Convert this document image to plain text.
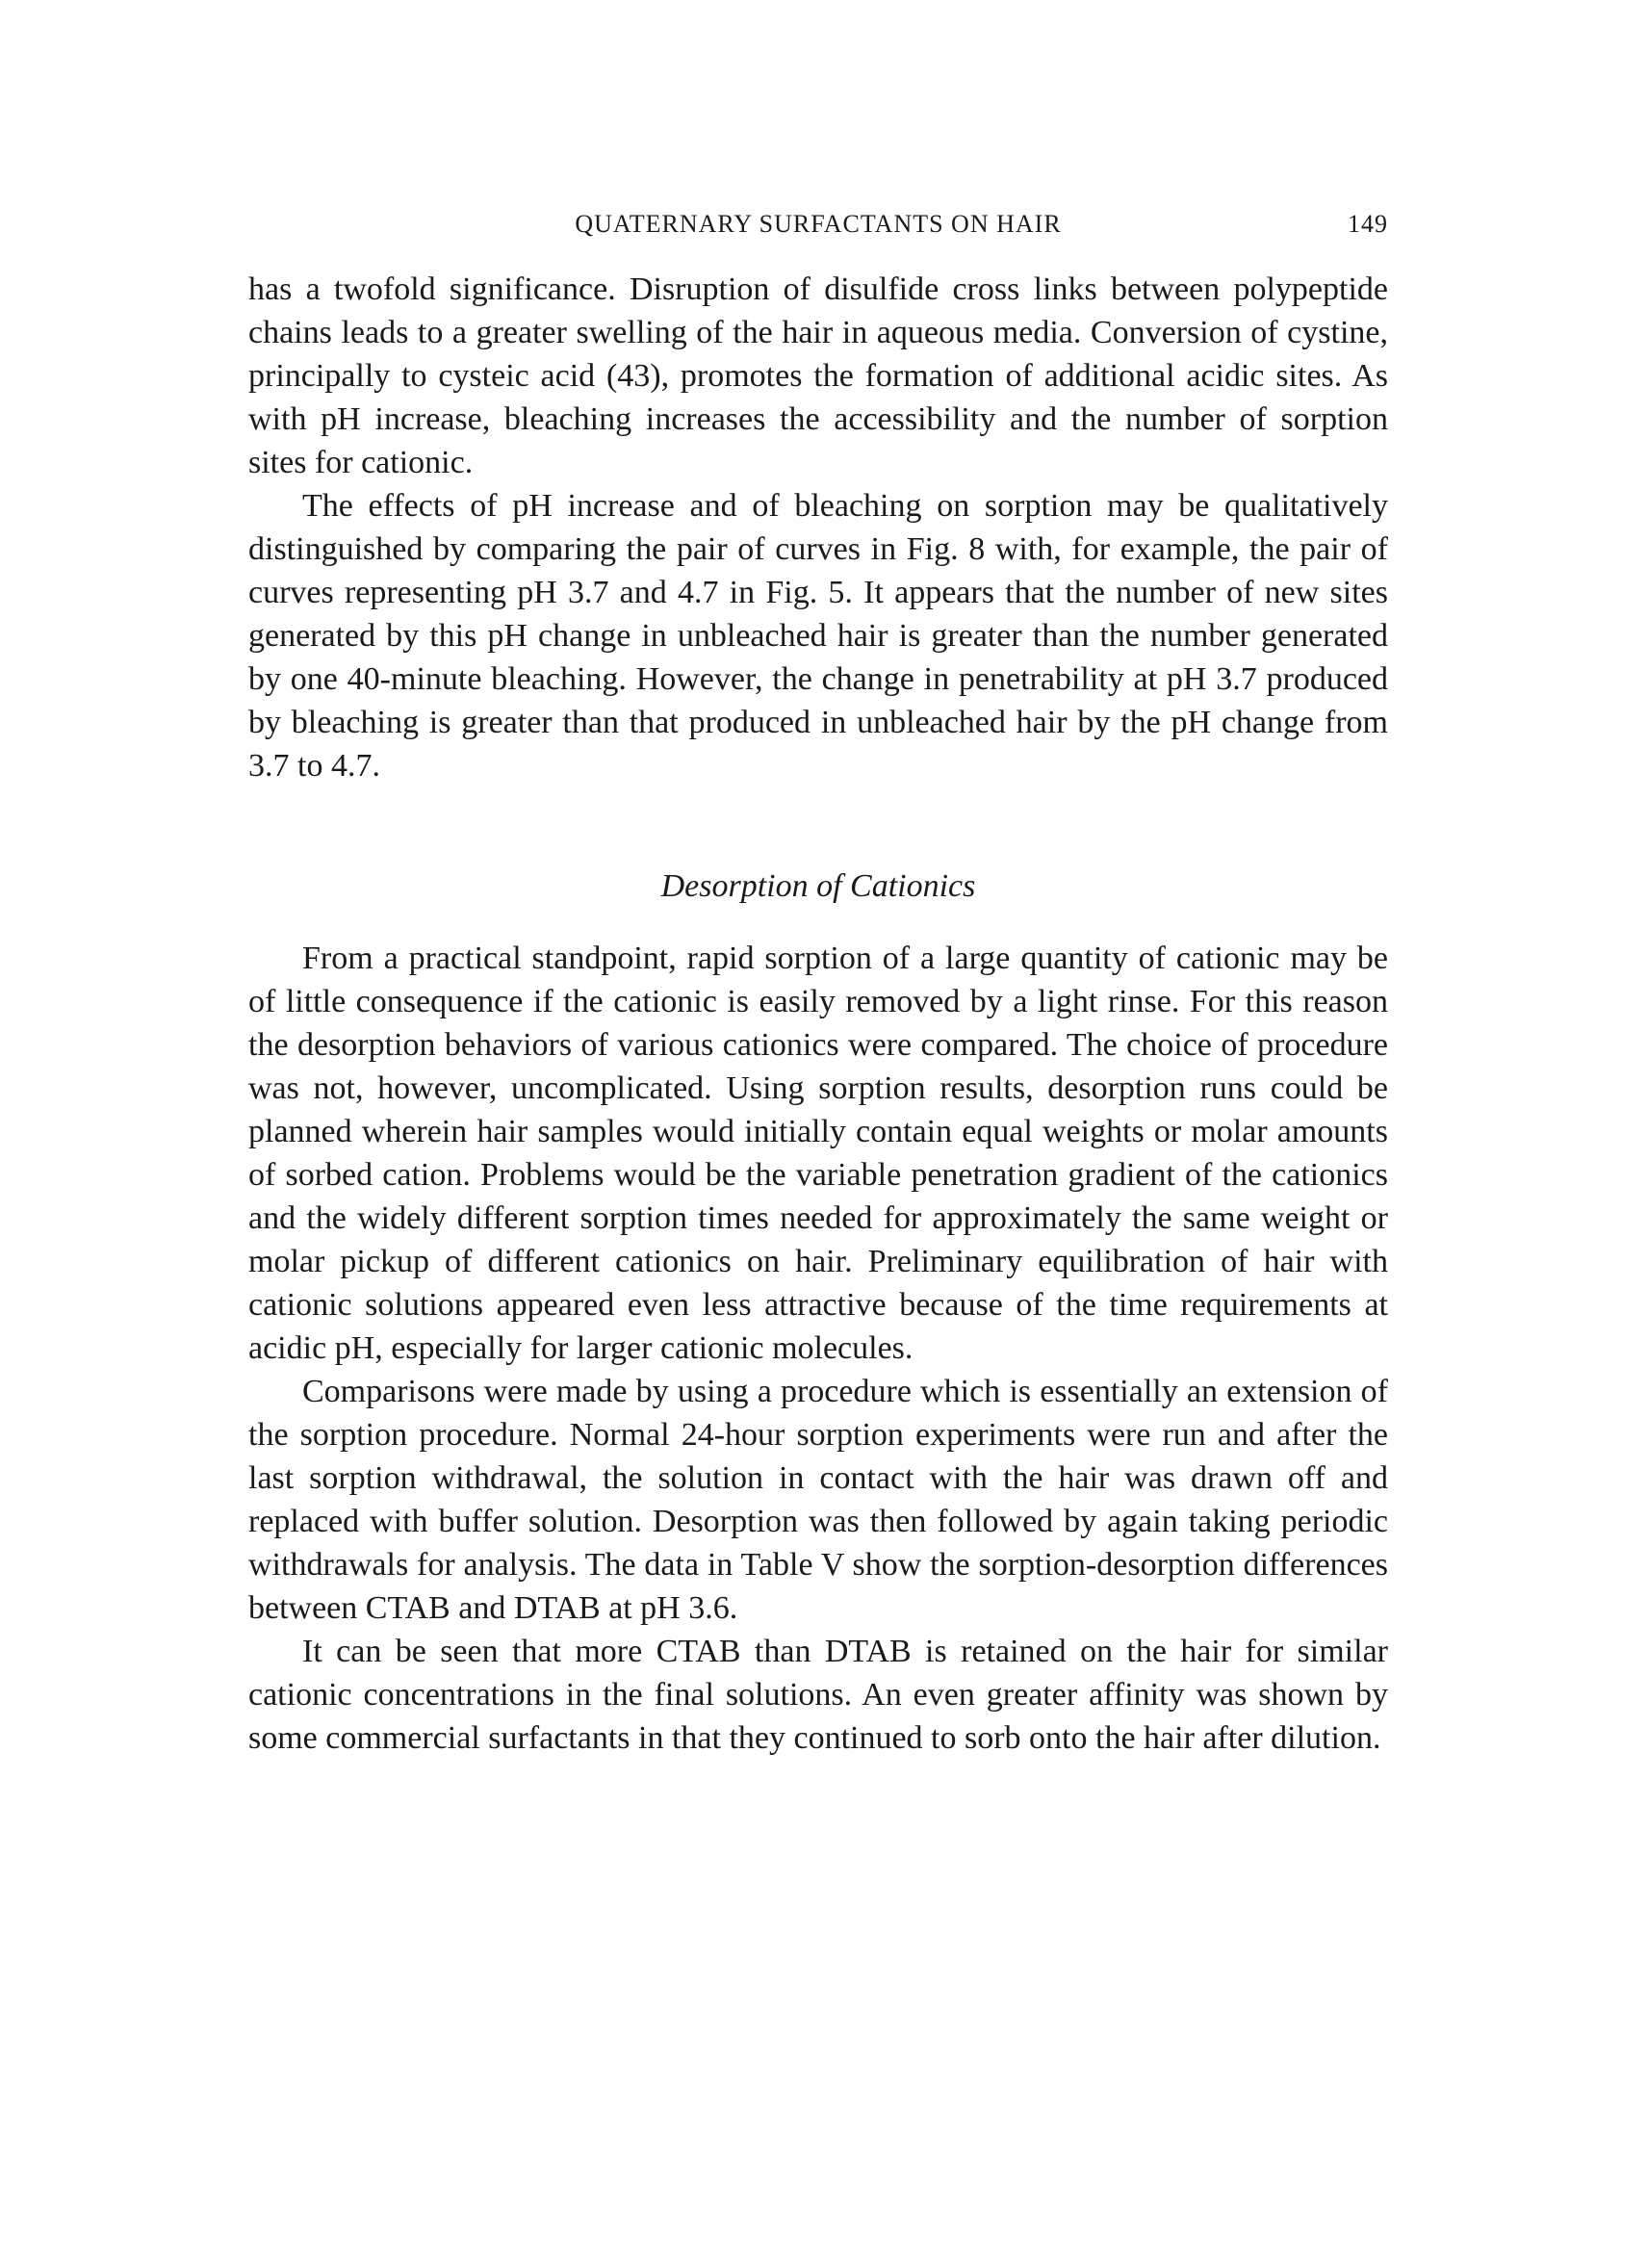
QUATERNARY SURFACTANTS ON HAIR	149

has a twofold significance. Disruption of disulfide cross links between polypeptide chains leads to a greater swelling of the hair in aqueous media. Conversion of cystine, principally to cysteic acid (43), promotes the formation of additional acidic sites. As with pH increase, bleaching increases the accessibility and the number of sorption sites for cationic.

The effects of pH increase and of bleaching on sorption may be qualitatively distinguished by comparing the pair of curves in Fig. 8 with, for example, the pair of curves representing pH 3.7 and 4.7 in Fig. 5. It appears that the number of new sites generated by this pH change in unbleached hair is greater than the number generated by one 40-minute bleaching. However, the change in penetrability at pH 3.7 produced by bleaching is greater than that produced in unbleached hair by the pH change from 3.7 to 4.7.

Desorption of Cationics

From a practical standpoint, rapid sorption of a large quantity of cationic may be of little consequence if the cationic is easily removed by a light rinse. For this reason the desorption behaviors of various cationics were compared. The choice of procedure was not, however, uncomplicated. Using sorption results, desorption runs could be planned wherein hair samples would initially contain equal weights or molar amounts of sorbed cation. Problems would be the variable penetration gradient of the cationics and the widely different sorption times needed for approximately the same weight or molar pickup of different cationics on hair. Preliminary equilibration of hair with cationic solutions appeared even less attractive because of the time requirements at acidic pH, especially for larger cationic molecules.

Comparisons were made by using a procedure which is essentially an extension of the sorption procedure. Normal 24-hour sorption experiments were run and after the last sorption withdrawal, the solution in contact with the hair was drawn off and replaced with buffer solution. Desorption was then followed by again taking periodic withdrawals for analysis. The data in Table V show the sorption-desorption differences between CTAB and DTAB at pH 3.6.

It can be seen that more CTAB than DTAB is retained on the hair for similar cationic concentrations in the final solutions. An even greater affinity was shown by some commercial surfactants in that they continued to sorb onto the hair after dilution.
